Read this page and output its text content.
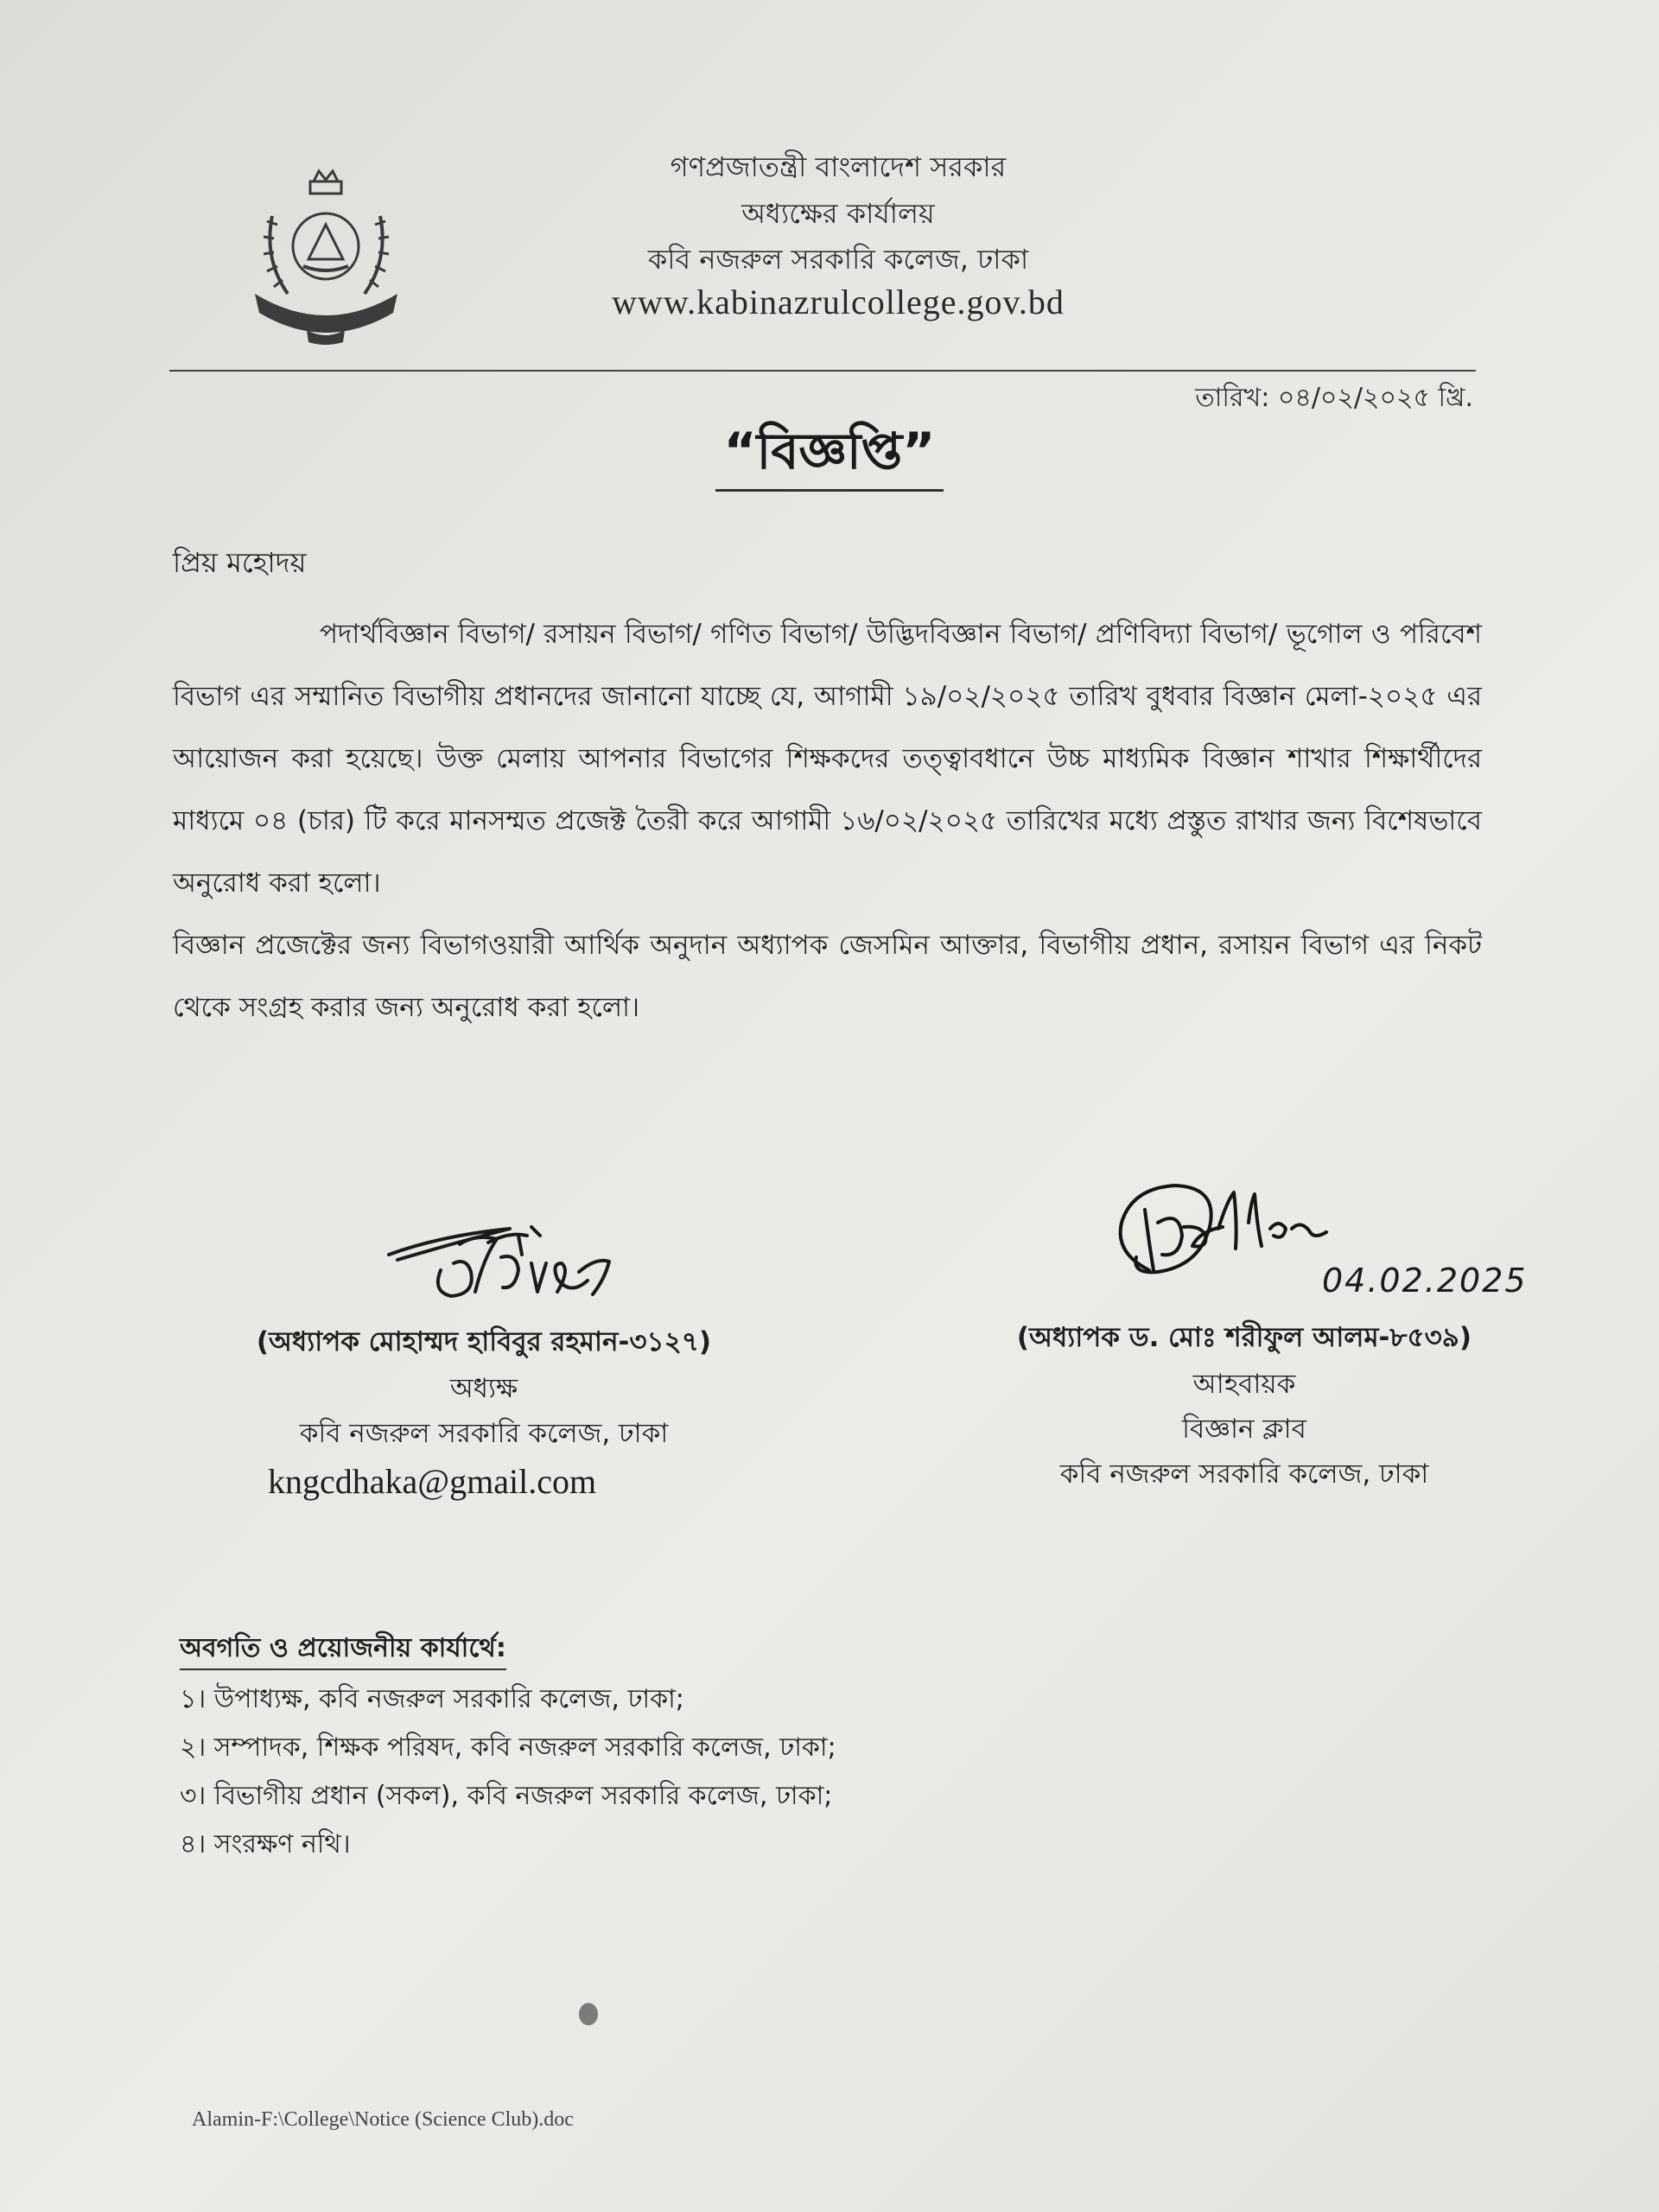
গণপ্রজাতন্ত্রী বাংলাদেশ সরকার
অধ্যক্ষের কার্যালয়
কবি নজরুল সরকারি কলেজ, ঢাকা
www.kabinazrulcollege.gov.bd
তারিখ: ০৪/০২/২০২৫ খ্রি.
“বিজ্ঞপ্তি”
প্রিয় মহোদয়

পদার্থবিজ্ঞান বিভাগ/ রসায়ন বিভাগ/ গণিত বিভাগ/ উদ্ভিদবিজ্ঞান বিভাগ/ প্রণিবিদ্যা বিভাগ/ ভূগোল ও পরিবেশ বিভাগ এর সম্মানিত বিভাগীয় প্রধানদের জানানো যাচ্ছে যে, আগামী ১৯/০২/২০২৫ তারিখ বুধবার বিজ্ঞান মেলা-২০২৫ এর আয়োজন করা হয়েছে। উক্ত মেলায় আপনার বিভাগের শিক্ষকদের তত্ত্বাবধানে উচ্চ মাধ্যমিক বিজ্ঞান শাখার শিক্ষার্থীদের মাধ্যমে ০৪ (চার) টি করে মানসম্মত প্রজেক্ট তৈরী করে আগামী ১৬/০২/২০২৫ তারিখের মধ্যে প্রস্তুত রাখার জন্য বিশেষভাবে অনুরোধ করা হলো।

বিজ্ঞান প্রজেক্টের জন্য বিভাগওয়ারী আর্থিক অনুদান অধ্যাপক জেসমিন আক্তার, বিভাগীয় প্রধান, রসায়ন বিভাগ এর নিকট থেকে সংগ্রহ করার জন্য অনুরোধ করা হলো।

(অধ্যাপক মোহাম্মদ হাবিবুর রহমান-৩১২৭)
অধ্যক্ষ
কবি নজরুল সরকারি কলেজ, ঢাকা
kngcdhaka@gmail.com
04.02.2025
(অধ্যাপক ড. মোঃ শরীফুল আলম-৮৫৩৯)
আহবায়ক
বিজ্ঞান ক্লাব
কবি নজরুল সরকারি কলেজ, ঢাকা
অবগতি ও প্রয়োজনীয় কার্যার্থে:
১। উপাধ্যক্ষ, কবি নজরুল সরকারি কলেজ, ঢাকা;
২। সম্পাদক, শিক্ষক পরিষদ, কবি নজরুল সরকারি কলেজ, ঢাকা;
৩। বিভাগীয় প্রধান (সকল), কবি নজরুল সরকারি কলেজ, ঢাকা;
৪। সংরক্ষণ নথি।
Alamin-F:\College\Notice (Science Club).doc
